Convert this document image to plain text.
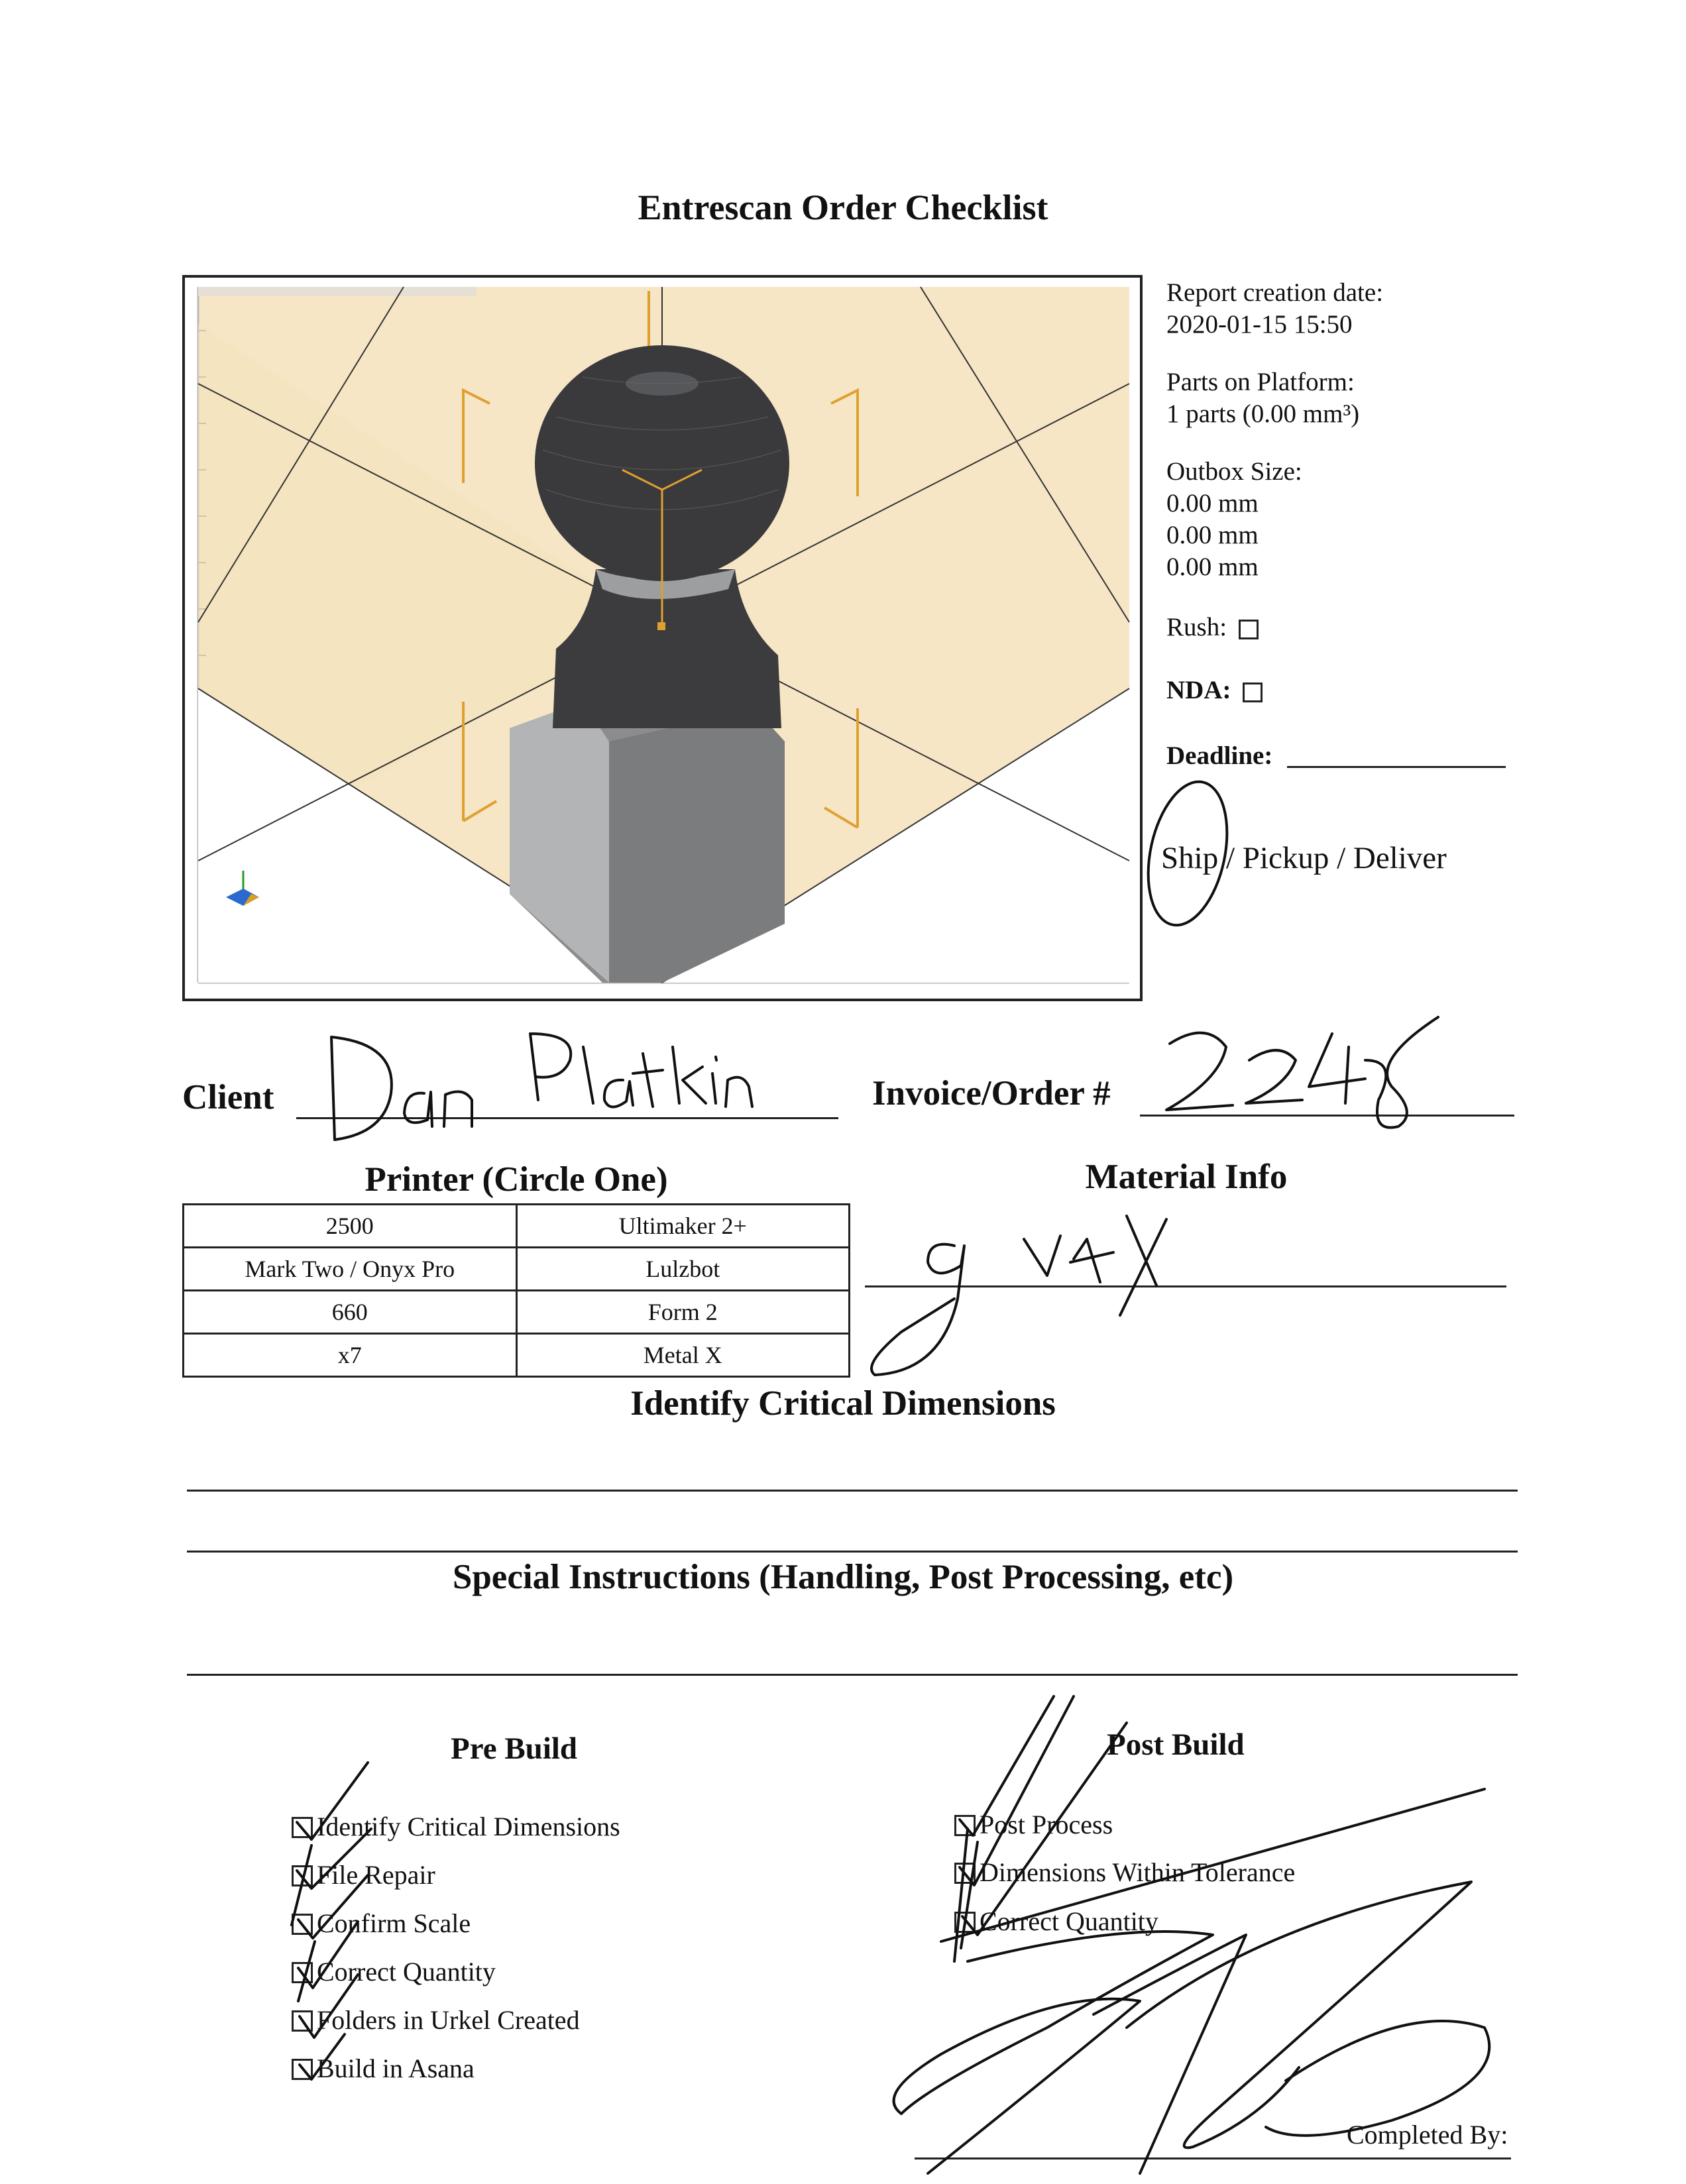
Entrescan Order Checklist
Report creation date:
2020-01-15 15:50
Parts on Platform:
1 parts (0.00 mm³)
Outbox Size:
0.00 mm
0.00 mm
0.00 mm
Rush:
NDA:
Deadline:
Ship / Pickup / Deliver
Client	Invoice/Order #
Printer (Circle One)
2500	Ultimaker 2+
Mark Two / Onyx Pro	Lulzbot
660	Form 2
x7	Metal X
Material Info
Identify Critical Dimensions
Special Instructions (Handling, Post Processing, etc)
Pre Build
Identify Critical Dimensions
File Repair
Confirm Scale
Correct Quantity
Folders in Urkel Created
Build in Asana
Post Build
Post Process
Dimensions Within Tolerance
Correct Quantity
Completed By:
